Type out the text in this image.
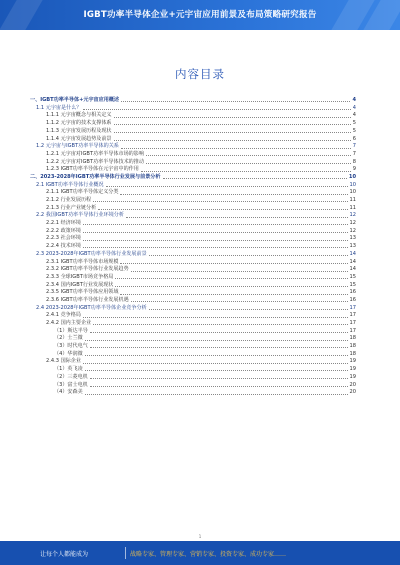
IGBT功率半导体企业+元宇宙应用前景及布局策略研究报告
内容目录
一、IGBT功率半导体+元宇宙应用概述	4
1.1 元宇宙是什么？	4
1.1.1 元宇宙概念与相关定义	4
1.1.2 元宇宙的技术支撑体系	5
1.1.3 元宇宙发展历程及现状	5
1.1.4 元宇宙发展趋势及前景	6
1.2 元宇宙与IGBT功率半导体的关系	7
1.2.1 元宇宙对IGBT功率半导体市场的影响	7
1.2.2 元宇宙对IGBT功率半导体技术的推动	8
1.2.3 IGBT功率半导体在元宇宙中的作用	9
二、2023-2028年IGBT功率半导体行业发展与前景分析	10
2.1 IGBT功率半导体行业概况	10
2.1.1 IGBT功率半导体定义分类	10
2.1.2 行业发展历程	11
2.1.3 行业产业链分析	11
2.2 我国IGBT功率半导体行业环境分析	12
2.2.1 经济环境	12
2.2.2 政策环境	12
2.2.3 社会环境	13
2.2.4 技术环境	13
2.3 2023-2028年IGBT功率半导体行业发展前景	14
2.3.1 IGBT功率半导体市场规模	14
2.3.2 IGBT功率半导体行业发展趋势	14
2.3.3 全球IGBT市场竞争格局	15
2.3.4 国内IGBT行业发展现状	15
2.3.5 IGBT功率半导体应用领域	16
2.3.6 IGBT功率半导体行业发展机遇	16
2.4 2023-2028年IGBT功率半导体企业竞争分析	17
2.4.1 竞争格局	17
2.4.2 国内主要企业	17
（1）斯达半导	17
（2）士兰微	18
（3）时代电气	18
（4）华润微	18
2.4.3 国际企业	19
（1）英飞凌	19
（2）三菱电机	19
（3）富士电机	20
（4）安森美	20
1
让每个人都能成为	战略专家、管理专家、营销专家、投资专家、成功专家……
